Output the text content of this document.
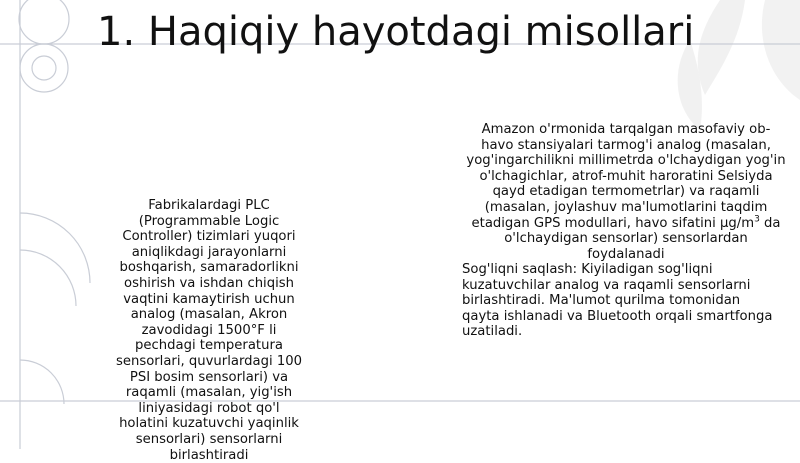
1. Haqiqiy hayotdagi misollari

Fabrikalardagi PLC (Programmable Logic Controller) tizimlari yuqori aniqlikdagi jarayonlarni boshqarish, samaradorlikni oshirish va ishdan chiqish vaqtini kamaytirish uchun analog (masalan, Akron zavodidagi 1500°F li pechdagi temperatura sensorlari, quvurlardagi 100 PSI bosim sensorlari) va raqamli (masalan, yig'ish liniyasidagi robot qo'l holatini kuzatuvchi yaqinlik sensorlari) sensorlarni birlashtiradi

Amazon o'rmonida tarqalgan masofaviy ob-havo stansiyalari tarmog'i analog (masalan, yog'ingarchilikni millimetrda o'lchaydigan yog'in o'lchagichlar, atrof-muhit haroratini Selsiyda qayd etadigan termometrlar) va raqamli (masalan, joylashuv ma'lumotlarini taqdim etadigan GPS modullari, havo sifatini $\mu g/m^3$ da o'lchaydigan sensorlar) sensorlardan foydalanadi

Sog'liqni saqlash: Kiyiladigan sog'liqni kuzatuvchilar analog va raqamli sensorlarni birlashtiradi. Ma'lumot qurilma tomonidan qayta ishlanadi va Bluetooth orqali smartfonga uzatiladi.
